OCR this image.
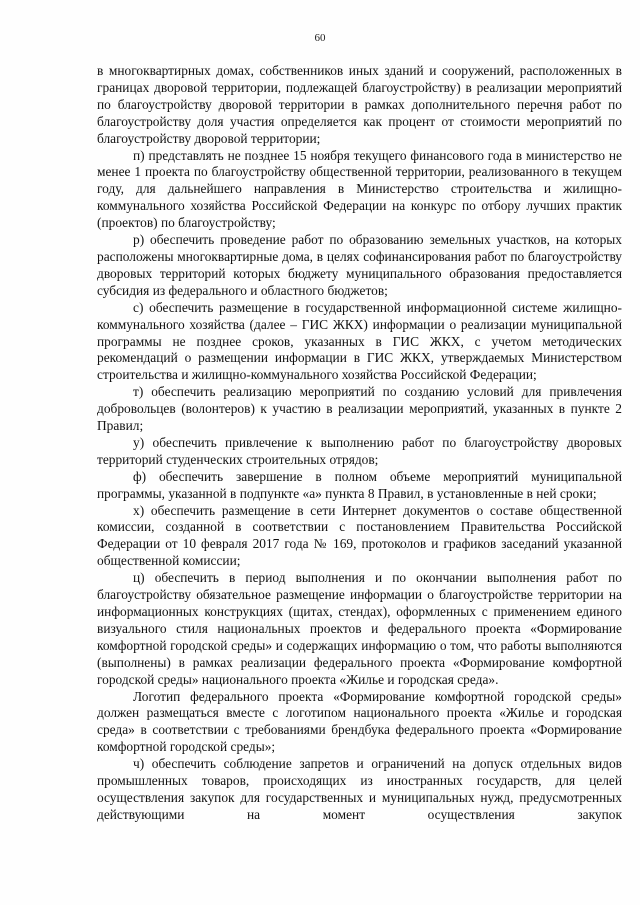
60

в многоквартирных домах, собственников иных зданий и сооружений, расположенных в границах дворовой территории, подлежащей благоустройству) в реализации мероприятий по благоустройству дворовой территории в рамках дополнительного перечня работ по благоустройству доля участия определяется как процент от стоимости мероприятий по благоустройству дворовой территории;

п) представлять не позднее 15 ноября текущего финансового года в министерство не менее 1 проекта по благоустройству общественной территории, реализованного в текущем году, для дальнейшего направления в Министерство строительства и жилищно-коммунального хозяйства Российской Федерации на конкурс по отбору лучших практик (проектов) по благоустройству;

р) обеспечить проведение работ по образованию земельных участков, на которых расположены многоквартирные дома, в целях софинансирования работ по благоустройству дворовых территорий которых бюджету муниципального образования предоставляется субсидия из федерального и областного бюджетов;

с) обеспечить размещение в государственной информационной системе жилищно-коммунального хозяйства (далее – ГИС ЖКХ) информации о реализации муниципальной программы не позднее сроков, указанных в ГИС ЖКХ, с учетом методических рекомендаций о размещении информации в ГИС ЖКХ, утверждаемых Министерством строительства и жилищно-коммунального хозяйства Российской Федерации;

т) обеспечить реализацию мероприятий по созданию условий для привлечения добровольцев (волонтеров) к участию в реализации мероприятий, указанных в пункте 2 Правил;

у) обеспечить привлечение к выполнению работ по благоустройству дворовых территорий студенческих строительных отрядов;

ф) обеспечить завершение в полном объеме мероприятий муниципальной программы, указанной в подпункте «а» пункта 8 Правил, в установленные в ней сроки;

х) обеспечить размещение в сети Интернет документов о составе общественной комиссии, созданной в соответствии с постановлением Правительства Российской Федерации от 10 февраля 2017 года № 169, протоколов и графиков заседаний указанной общественной комиссии;

ц) обеспечить в период выполнения и по окончании выполнения работ по благоустройству обязательное размещение информации о благоустройстве территории на информационных конструкциях (щитах, стендах), оформленных с применением единого визуального стиля национальных проектов и федерального проекта «Формирование комфортной городской среды» и содержащих информацию о том, что работы выполняются (выполнены) в рамках реализации федерального проекта «Формирование комфортной городской среды» национального проекта «Жилье и городская среда».

Логотип федерального проекта «Формирование комфортной городской среды» должен размещаться вместе с логотипом национального проекта «Жилье и городская среда» в соответствии с требованиями брендбука федерального проекта «Формирование комфортной городской среды»;

ч) обеспечить соблюдение запретов и ограничений на допуск отдельных видов промышленных товаров, происходящих из иностранных государств, для целей осуществления закупок для государственных и муниципальных нужд, предусмотренных действующими на момент осуществления закупок
